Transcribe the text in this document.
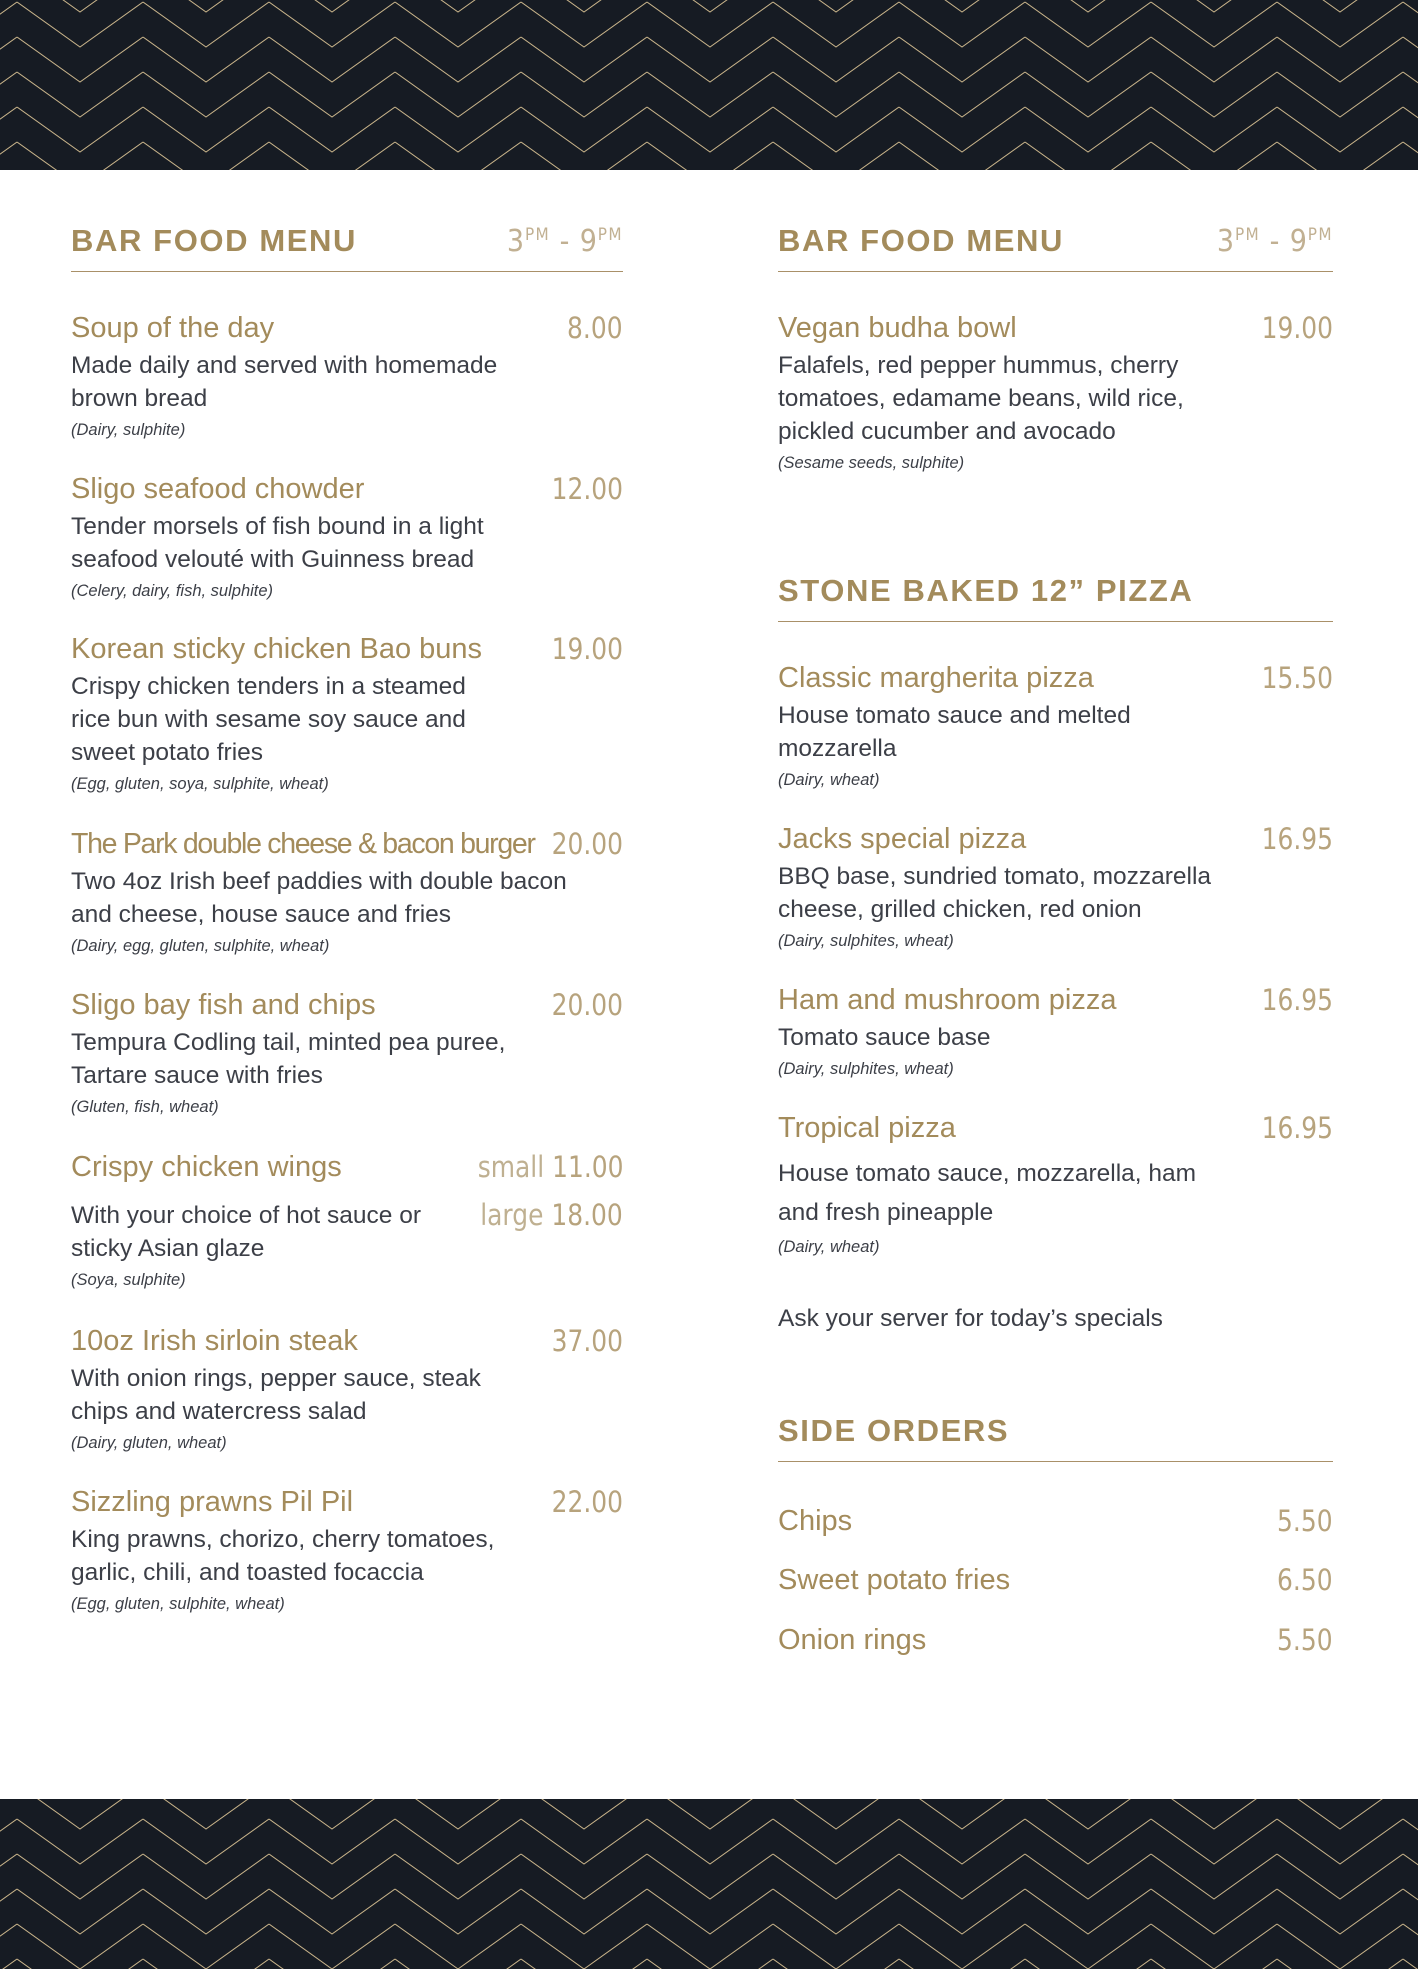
BAR FOOD MENU	$3^{PM} - 9^{PM}$
Soup of the day	8.00
Made daily and served with homemade brown bread
(Dairy, sulphite)
Sligo seafood chowder	12.00
Tender morsels of fish bound in a light seafood velouté with Guinness bread
(Celery, dairy, fish, sulphite)
Korean sticky chicken Bao buns 19.00
Crispy chicken tenders in a steamed rice bun with sesame soy sauce and sweet potato fries
(Egg, gluten, soya, sulphite, wheat)
The Park double cheese & bacon burger 20.00
Two 4oz Irish beef paddies with double bacon and cheese, house sauce and fries
(Dairy, egg, gluten, sulphite, wheat)
Sligo bay fish and chips	20.00
Tempura Codling tail, minted pea puree, Tartare sauce with fries
(Gluten, fish, wheat)
Crispy chicken wings	small 11.00
large 18.00
With your choice of hot sauce or sticky Asian glaze
(Soya, sulphite)
10oz Irish sirloin steak	37.00
With onion rings, pepper sauce, steak chips and watercress salad
(Dairy, gluten, wheat)
Sizzling prawns Pil Pil	22.00
King prawns, chorizo, cherry tomatoes, garlic, chili, and toasted focaccia
(Egg, gluten, sulphite, wheat)
BAR FOOD MENU	$3^{PM} - 9^{PM}$
Vegan budha bowl	19.00
Falafels, red pepper hummus, cherry tomatoes, edamame beans, wild rice, pickled cucumber and avocado
(Sesame seeds, sulphite)
STONE BAKED 12” PIZZA
Classic margherita pizza	15.50
House tomato sauce and melted mozzarella
(Dairy, wheat)
Jacks special pizza	16.95
BBQ base, sundried tomato, mozzarella cheese, grilled chicken, red onion
(Dairy, sulphites, wheat)
Ham and mushroom pizza	16.95
Tomato sauce base
(Dairy, sulphites, wheat)
Tropical pizza	16.95
House tomato sauce, mozzarella, ham and fresh pineapple
(Dairy, wheat)
Ask your server for today’s specials
SIDE ORDERS
Chips	5.50
Sweet potato fries	6.50
Onion rings	5.50
